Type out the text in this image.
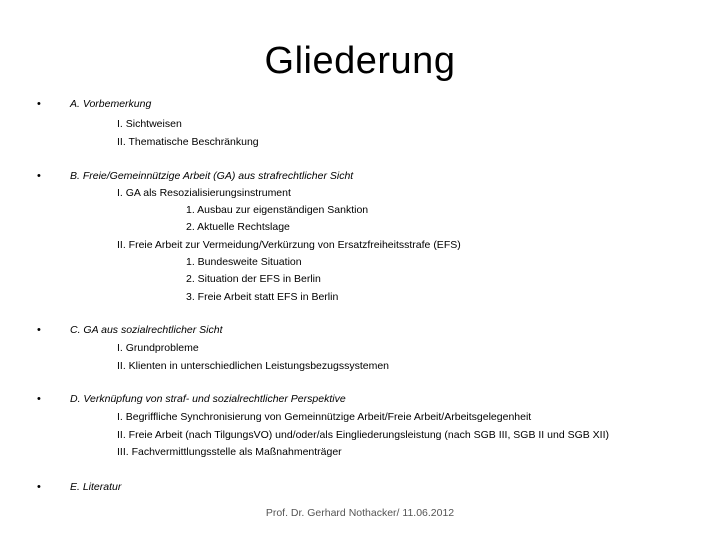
Gliederung
•	A. Vorbemerkung
I. Sichtweisen
II. Thematische Beschränkung
•	B. Freie/Gemeinnützige Arbeit (GA) aus strafrechtlicher Sicht
I. GA als Resozialisierungsinstrument
1. Ausbau zur eigenständigen Sanktion
2. Aktuelle Rechtslage
II. Freie Arbeit zur Vermeidung/Verkürzung von Ersatzfreiheitsstrafe (EFS)
1. Bundesweite Situation
2. Situation der EFS in Berlin
3. Freie Arbeit statt EFS in Berlin
•	C. GA aus sozialrechtlicher Sicht
I. Grundprobleme
II. Klienten in unterschiedlichen Leistungsbezugssystemen
•	D. Verknüpfung von straf- und sozialrechtlicher Perspektive
I. Begriffliche Synchronisierung von Gemeinnützige Arbeit/Freie Arbeit/Arbeitsgelegenheit
II. Freie Arbeit (nach TilgungsVO) und/oder/als Eingliederungsleistung (nach SGB III, SGB II und SGB XII)
III. Fachvermittlungsstelle als Maßnahmenträger
•	E. Literatur
Prof. Dr. Gerhard Nothacker/ 11.06.2012
